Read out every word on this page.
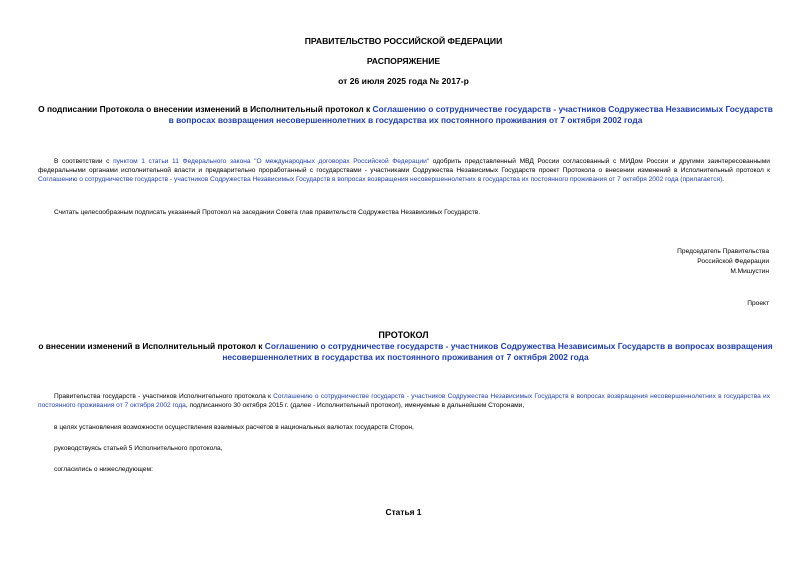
ПРАВИТЕЛЬСТВО РОССИЙСКОЙ ФЕДЕРАЦИИ
РАСПОРЯЖЕНИЕ
от 26 июля 2025 года № 2017-р
О подписании Протокола о внесении изменений в Исполнительный протокол к Соглашению о сотрудничестве государств - участников Содружества Независимых Государств в вопросах возвращения несовершеннолетних в государства их постоянного проживания от 7 октября 2002 года
В соответствии с пунктом 1 статьи 11 Федерального закона "О международных договорах Российской Федерации" одобрить представленный МВД России согласованный с МИДом России и другими заинтересованными федеральными органами исполнительной власти и предварительно проработанный с государствами - участниками Содружества Независимых Государств проект Протокола о внесении изменений в Исполнительный протокол к Соглашению о сотрудничестве государств - участников Содружества Независимых Государств в вопросах возвращения несовершеннолетних в государства их постоянного проживания от 7 октября 2002 года (прилагается).
Считать целесообразным подписать указанный Протокол на заседании Совета глав правительств Содружества Независимых Государств.
Председатель Правительства
Российской Федерации
М.Мишустин
Проект
ПРОТОКОЛ
о внесении изменений в Исполнительный протокол к Соглашению о сотрудничестве государств - участников Содружества Независимых Государств в вопросах возвращения несовершеннолетних в государства их постоянного проживания от 7 октября 2002 года
Правительства государств - участников Исполнительного протокола к Соглашению о сотрудничестве государств - участников Содружества Независимых Государств в вопросах возвращения несовершеннолетних в государства их постоянного проживания от 7 октября 2002 года, подписанного 30 октября 2015 г. (далее - Исполнительный протокол), именуемые в дальнейшем Сторонами,
в целях установления возможности осуществления взаимных расчетов в национальных валютах государств Сторон,
руководствуясь статьей 5 Исполнительного протокола,
согласились о нижеследующем:
Статья 1
